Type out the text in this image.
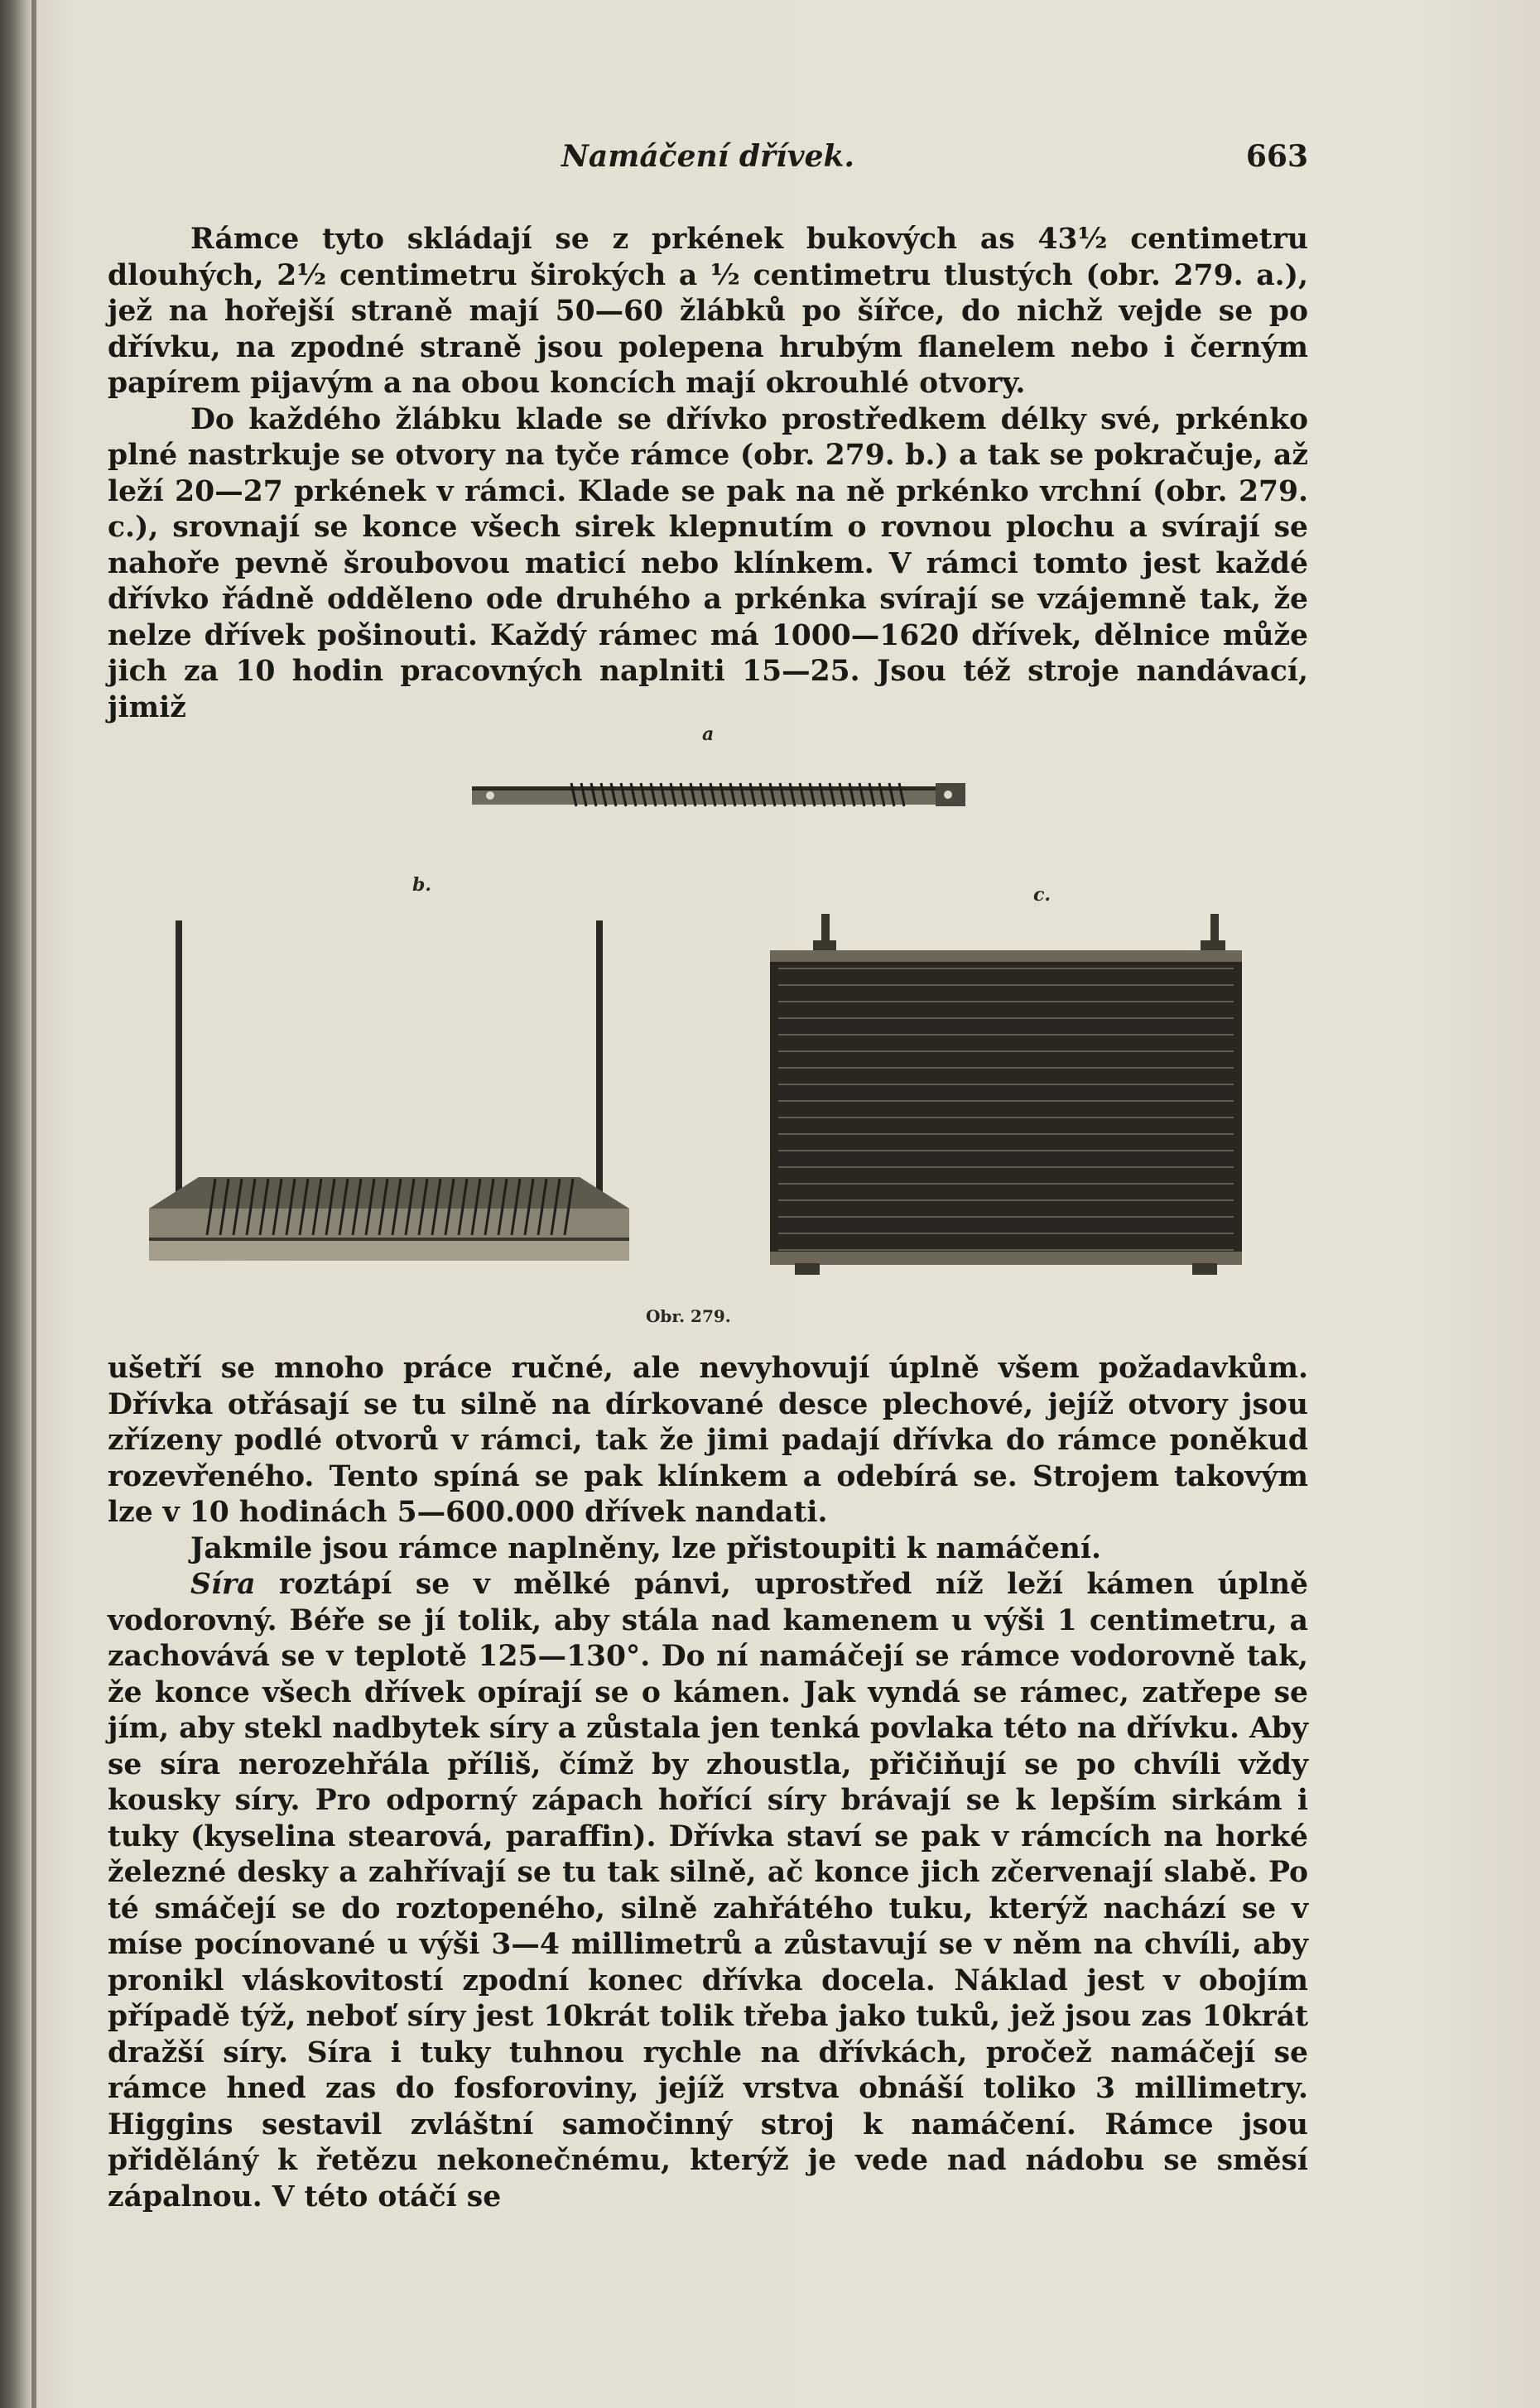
Namáčení dřívek.	663

Rámce tyto skládají se z prkének bukových as 43½ centimetru dlouhých, 2½ centimetru širokých a ½ centimetru tlustých (obr. 279. a.), jež na hořejší straně mají 50—60 žlábků po šířce, do nichž vejde se po dřívku, na zpodné straně jsou polepena hrubým flanelem nebo i černým papírem pijavým a na obou koncích mají okrouhlé otvory.

Do každého žlábku klade se dřívko prostředkem délky své, prkénko plné nastrkuje se otvory na tyče rámce (obr. 279. b.) a tak se pokračuje, až leží 20—27 prkének v rámci. Klade se pak na ně prkénko vrchní (obr. 279. c.), srovnají se konce všech sirek klepnutím o rovnou plochu a svírají se nahoře pevně šroubovou maticí nebo klínkem. V rámci tomto jest každé dřívko řádně odděleno ode druhého a prkénka svírají se vzájemně tak, že nelze dřívek pošinouti. Každý rámec má 1000—1620 dřívek, dělnice může jich za 10 hodin pracovných naplniti 15—25. Jsou též stroje nandávací, jimiž

a
b.	c.
Obr. 279.

ušetří se mnoho práce ručné, ale nevyhovují úplně všem požadavkům. Dřívka otřásají se tu silně na dírkované desce plechové, jejíž otvory jsou zřízeny podlé otvorů v rámci, tak že jimi padají dřívka do rámce poněkud rozevřeného. Tento spíná se pak klínkem a odebírá se. Strojem takovým lze v 10 hodinách 5—600.000 dřívek nandati.

Jakmile jsou rámce naplněny, lze přistoupiti k namáčení.

Síra roztápí se v mělké pánvi, uprostřed níž leží kámen úplně vodorovný. Béře se jí tolik, aby stála nad kamenem u výši 1 centimetru, a zachovává se v teplotě 125—130°. Do ní namáčejí se rámce vodorovně tak, že konce všech dřívek opírají se o kámen. Jak vyndá se rámec, zatřepe se jím, aby stekl nadbytek síry a zůstala jen tenká povlaka této na dřívku. Aby se síra nerozehřála příliš, čímž by zhoustla, přičiňují se po chvíli vždy kousky síry. Pro odporný zápach hořící síry brávají se k lepším sirkám i tuky (kyselina stearová, paraffin). Dřívka staví se pak v rámcích na horké železné desky a zahřívají se tu tak silně, ač konce jich zčervenají slabě. Po té smáčejí se do roztopeného, silně zahřátého tuku, kterýž nachází se v míse pocínované u výši 3—4 millimetrů a zůstavují se v něm na chvíli, aby pronikl vláskovitostí zpodní konec dřívka docela. Náklad jest v obojím případě týž, neboť síry jest 10krát tolik třeba jako tuků, jež jsou zas 10krát dražší síry. Síra i tuky tuhnou rychle na dřívkách, pročež namáčejí se rámce hned zas do fosforoviny, jejíž vrstva obnáší toliko 3 millimetry. Higgins sestavil zvláštní samočinný stroj k namáčení. Rámce jsou přiděláný k řetězu nekonečnému, kterýž je vede nad nádobu se směsí zápalnou. V této otáčí se
